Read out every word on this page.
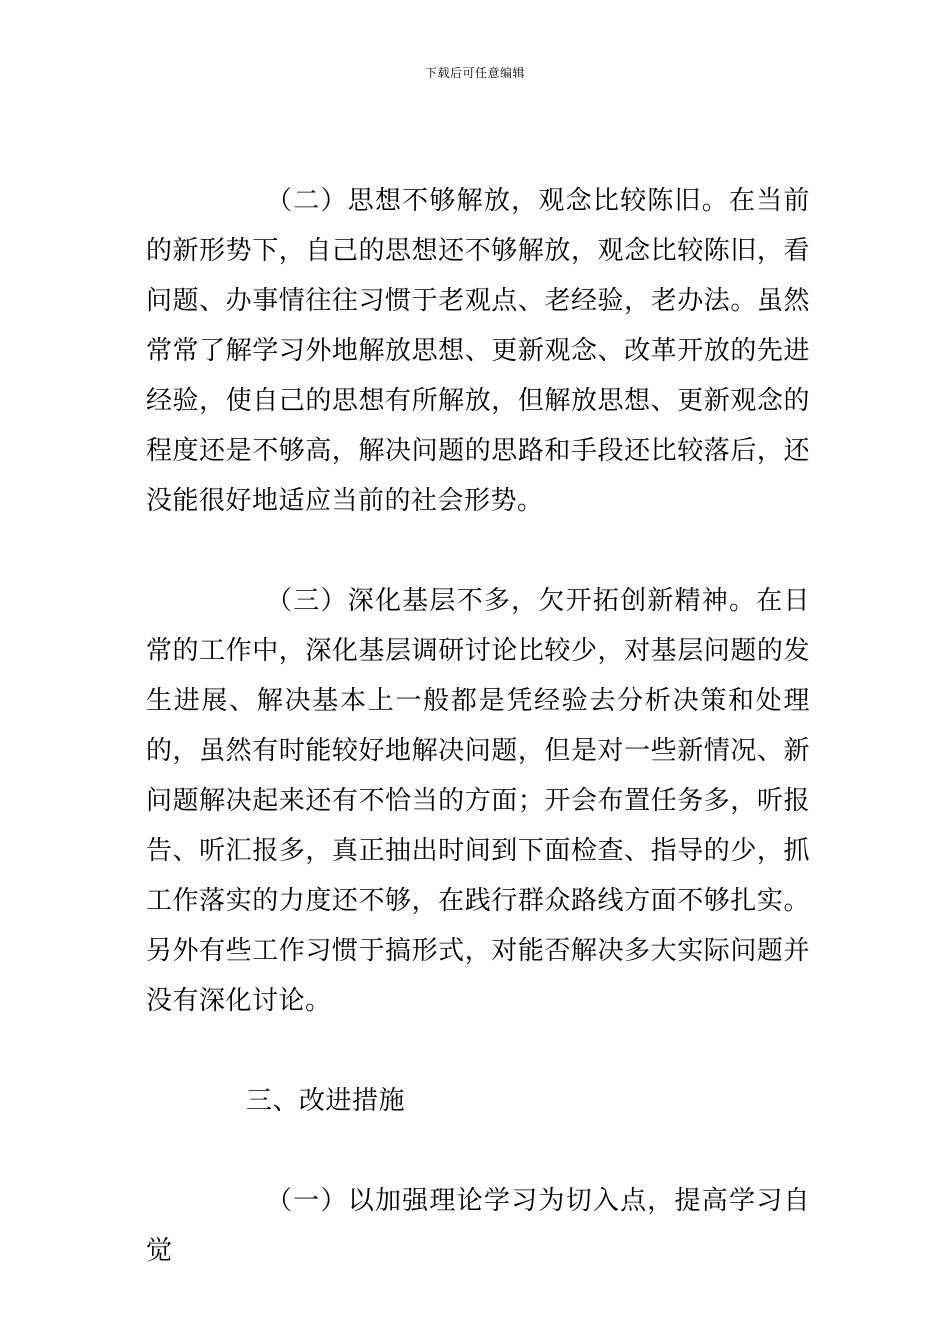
下载后可任意编辑

（二）思想不够解放，观念比较陈旧。在当前的新形势下，自己的思想还不够解放，观念比较陈旧，看问题、办事情往往习惯于老观点、老经验，老办法。虽然常常了解学习外地解放思想、更新观念、改革开放的先进经验，使自己的思想有所解放，但解放思想、更新观念的程度还是不够高，解决问题的思路和手段还比较落后，还没能很好地适应当前的社会形势。

（三）深化基层不多，欠开拓创新精神。在日常的工作中，深化基层调研讨论比较少，对基层问题的发生进展、解决基本上一般都是凭经验去分析决策和处理的，虽然有时能较好地解决问题，但是对一些新情况、新问题解决起来还有不恰当的方面；开会布置任务多，听报告、听汇报多，真正抽出时间到下面检查、指导的少，抓工作落实的力度还不够，在践行群众路线方面不够扎实。另外有些工作习惯于搞形式，对能否解决多大实际问题并没有深化讨论。

三、改进措施

（一）以加强理论学习为切入点，提高学习自觉
